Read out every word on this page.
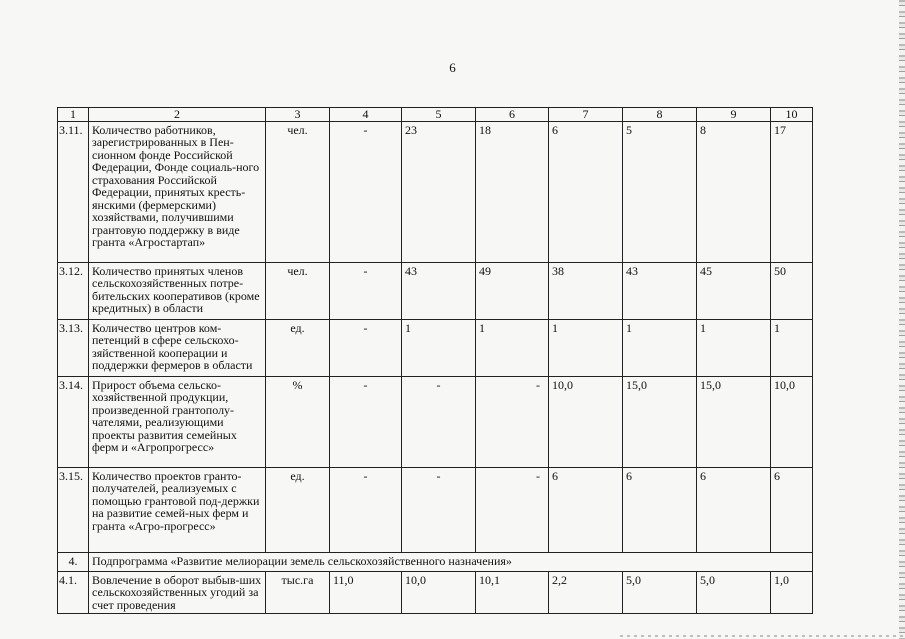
6
1	2	3	4	5	6	7	8	9	10
3.11.	Количество работников, зарегистрированных в Пен-сионном фонде Российской Федерации, Фонде социаль-ного страхования Российской Федерации, принятых кресть-янскими (фермерскими) хозяйствами, получившими грантовую поддержку в виде гранта «Агростартап»	чел.	-	23	18	6	5	8	17
3.12.	Количество принятых членов сельскохозяйственных потре-бительских кооперативов (кроме кредитных) в области	чел.	-	43	49	38	43	45	50
3.13.	Количество центров ком-петенций в сфере сельскохо-зяйственной кооперации и поддержки фермеров в области	ед.	-	1	1	1	1	1	1
3.14.	Прирост объема сельско-хозяйственной продукции, произведенной грантополу-чателями, реализующими проекты развития семейных ферм и «Агропрогресс»	%	-	-	-	10,0	15,0	15,0	10,0
3.15.	Количество проектов гранто-получателей, реализуемых с помощью грантовой под-держки на развитие семей-ных ферм и гранта «Агро-прогресс»	ед.	-	-	-	6	6	6	6
4.	Подпрограмма «Развитие мелиорации земель сельскохозяйственного назначения»								
4.1.	Вовлечение в оборот выбыв-ших сельскохозяйственных угодий за счет проведения	тыс.га	11,0	10,0	10,1	2,2	5,0	5,0	1,0
